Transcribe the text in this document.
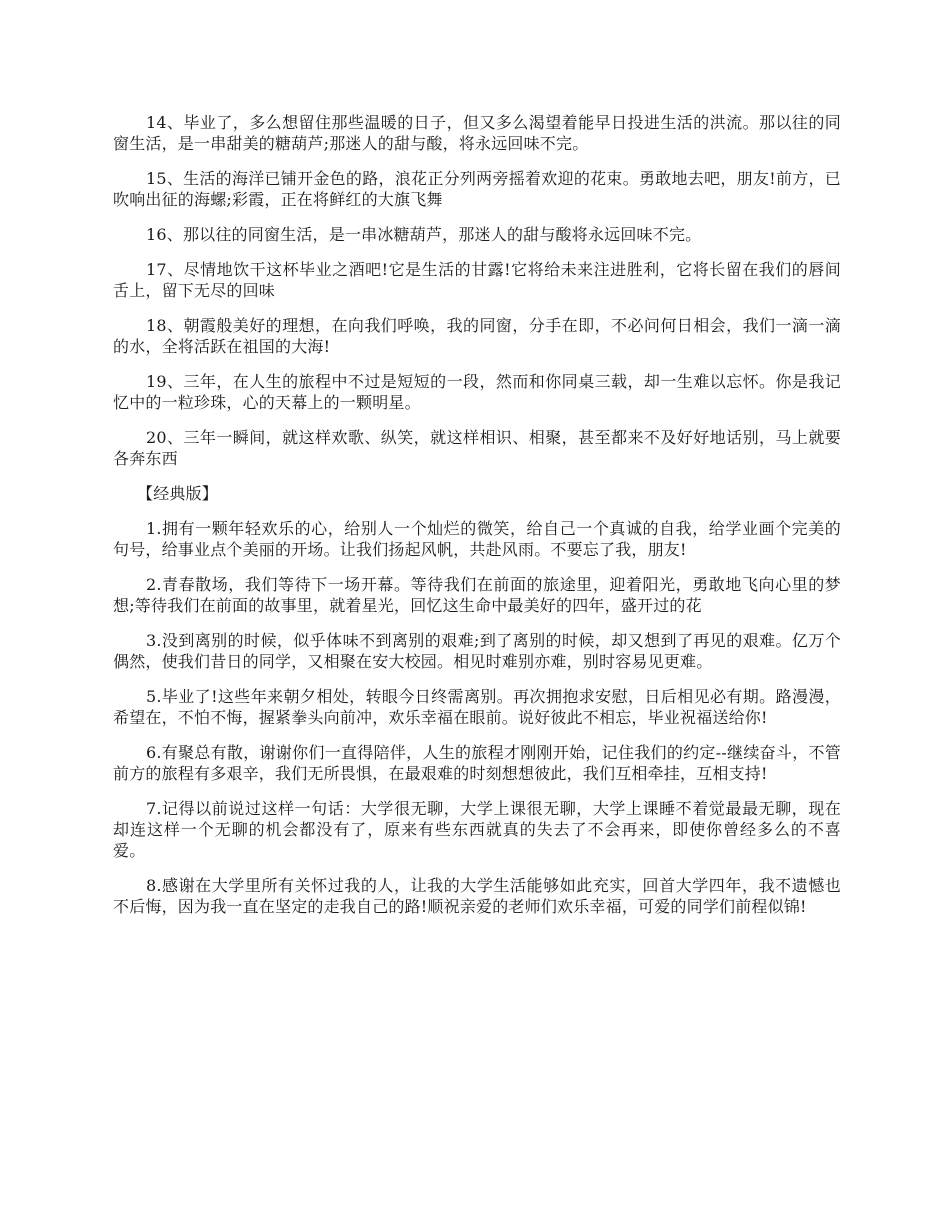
14、毕业了，多么想留住那些温暖的日子，但又多么渴望着能早日投进生活的洪流。那以往的同窗生活，是一串甜美的糖葫芦;那迷人的甜与酸，将永远回味不完。

15、生活的海洋已铺开金色的路，浪花正分列两旁摇着欢迎的花束。勇敢地去吧，朋友!前方，已吹响出征的海螺;彩霞，正在将鲜红的大旗飞舞

16、那以往的同窗生活，是一串冰糖葫芦，那迷人的甜与酸将永远回味不完。

17、尽情地饮干这杯毕业之酒吧!它是生活的甘露!它将给未来注进胜利，它将长留在我们的唇间舌上，留下无尽的回味

18、朝霞般美好的理想，在向我们呼唤，我的同窗，分手在即，不必问何日相会，我们一滴一滴的水，全将活跃在祖国的大海!

19、三年，在人生的旅程中不过是短短的一段，然而和你同桌三载，却一生难以忘怀。你是我记忆中的一粒珍珠，心的天幕上的一颗明星。

20、三年一瞬间，就这样欢歌、纵笑，就这样相识、相聚，甚至都来不及好好地话别，马上就要各奔东西

【经典版】

1.拥有一颗年轻欢乐的心，给别人一个灿烂的微笑，给自己一个真诚的自我，给学业画个完美的句号，给事业点个美丽的开场。让我们扬起风帆，共赴风雨。不要忘了我，朋友!

2.青春散场，我们等待下一场开幕。等待我们在前面的旅途里，迎着阳光，勇敢地飞向心里的梦想;等待我们在前面的故事里，就着星光，回忆这生命中最美好的四年，盛开过的花

3.没到离别的时候，似乎体味不到离别的艰难;到了离别的时候，却又想到了再见的艰难。亿万个偶然，使我们昔日的同学，又相聚在安大校园。相见时难别亦难，别时容易见更难。

5.毕业了!这些年来朝夕相处，转眼今日终需离别。再次拥抱求安慰，日后相见必有期。路漫漫，希望在，不怕不悔，握紧拳头向前冲，欢乐幸福在眼前。说好彼此不相忘，毕业祝福送给你!

6.有聚总有散，谢谢你们一直得陪伴，人生的旅程才刚刚开始，记住我们的约定--继续奋斗，不管前方的旅程有多艰辛，我们无所畏惧，在最艰难的时刻想想彼此，我们互相牵挂，互相支持!

7.记得以前说过这样一句话：大学很无聊，大学上课很无聊，大学上课睡不着觉最最无聊，现在却连这样一个无聊的机会都没有了，原来有些东西就真的失去了不会再来，即使你曾经多么的不喜爱。

8.感谢在大学里所有关怀过我的人，让我的大学生活能够如此充实，回首大学四年，我不遗憾也不后悔，因为我一直在坚定的走我自己的路!顺祝亲爱的老师们欢乐幸福，可爱的同学们前程似锦!
